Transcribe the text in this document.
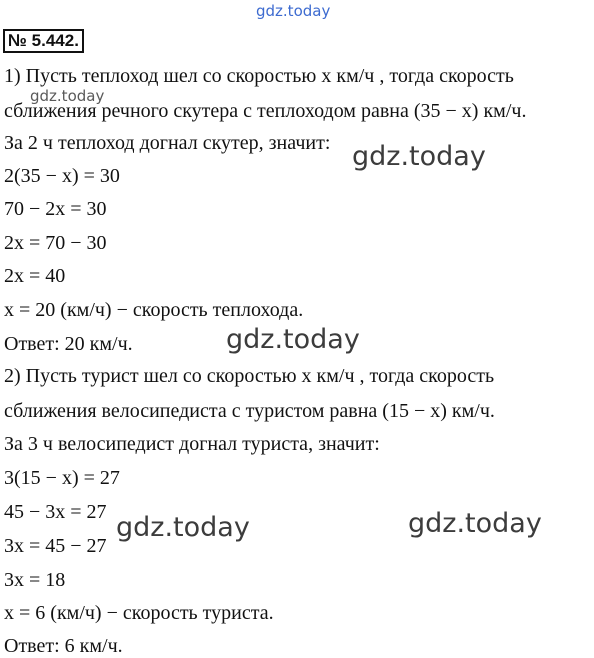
gdz.today
№ 5.442.
1) Пусть теплоход шел со скоростью x км/ч , тогда скорость
gdz.today
сближения речного скутера с теплоходом равна (35 − x) км/ч.
За 2 ч теплоход догнал скутер, значит: gdz.today
2(35 − x) = 30
70 − 2x = 30
2x = 70 − 30
2x = 40
x = 20 (км/ч) − скорость теплохода.
Ответ: 20 км/ч.	gdz.today
2) Пусть турист шел со скоростью x км/ч , тогда скорость
сближения велосипедиста с туристом равна (15 − x) км/ч.
За 3 ч велосипедист догнал туриста, значит:
3(15 − x) = 27
45 − 3x = 27 gdz.today	gdz.today
3x = 45 − 27
3x = 18
x = 6 (км/ч) − скорость туриста.
Ответ: 6 км/ч.
